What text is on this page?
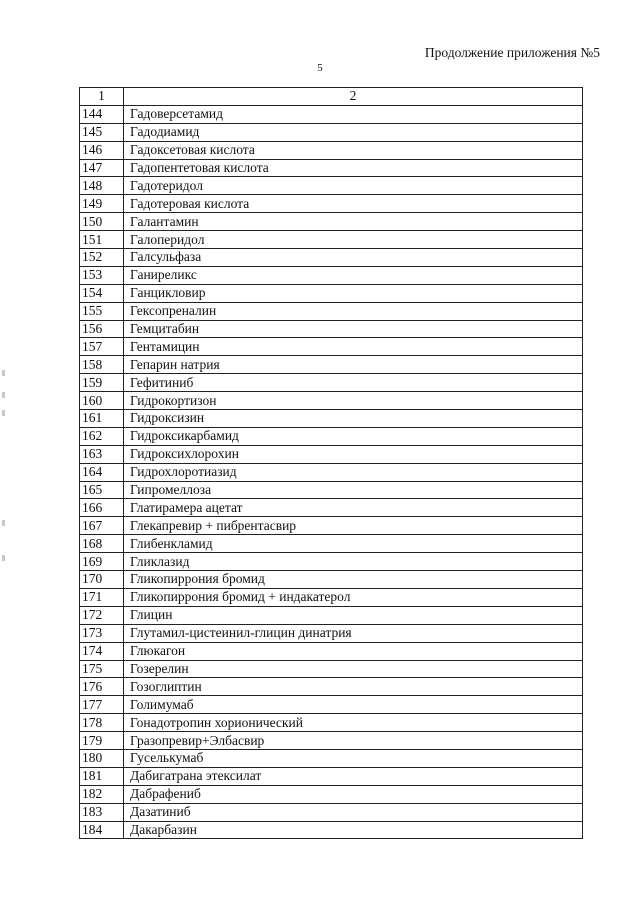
Продолжение приложения №5
5
1	2
144	Гадоверсетамид
145	Гадодиамид
146	Гадоксетовая кислота
147	Гадопентетовая кислота
148	Гадотеридол
149	Гадотеровая кислота
150	Галантамин
151	Галоперидол
152	Галсульфаза
153	Ганиреликс
154	Ганцикловир
155	Гексопреналин
156	Гемцитабин
157	Гентамицин
158	Гепарин натрия
159	Гефитиниб
160	Гидрокортизон
161	Гидроксизин
162	Гидроксикарбамид
163	Гидроксихлорохин
164	Гидрохлоротиазид
165	Гипромеллоза
166	Глатирамера ацетат
167	Глекапревир + пибрентасвир
168	Глибенкламид
169	Гликлазид
170	Гликопиррония бромид
171	Гликопиррония бромид + индакатерол
172	Глицин
173	Глутамил-цистеинил-глицин динатрия
174	Глюкагон
175	Гозерелин
176	Гозоглиптин
177	Голимумаб
178	Гонадотропин хорионический
179	Гразопревир+Элбасвир
180	Гуселькумаб
181	Дабигатрана этексилат
182	Дабрафениб
183	Дазатиниб
184	Дакарбазин
